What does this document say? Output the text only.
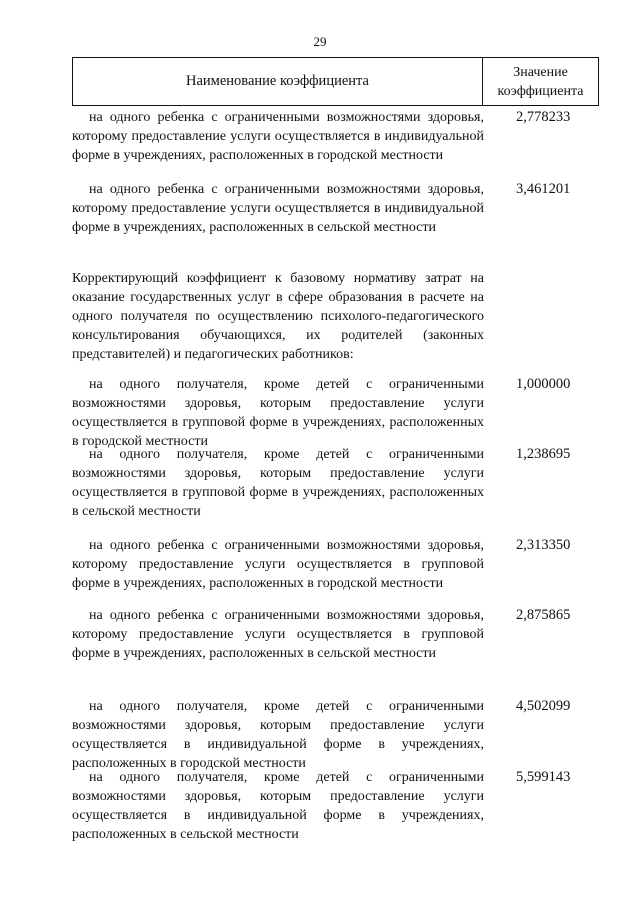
29
Наименование коэффициента
Значение
коэффициента
на одного ребенка с ограниченными возможностями здоровья, которому предоставление услуги осуществляется в индивидуальной форме в учреждениях, расположенных в городской местности
2,778233
на одного ребенка с ограниченными возможностями здоровья, которому предоставление услуги осуществляется в индивидуальной форме в учреждениях, расположенных в сельской местности
3,461201
Корректирующий коэффициент к базовому нормативу затрат на оказание государственных услуг в сфере образования в расчете на одного получателя по осуществлению психолого-педагогического консультирования обучающихся, их родителей (законных представителей) и педагогических работников:
на одного получателя, кроме детей с ограниченными возможностями здоровья, которым предоставление услуги осуществляется в групповой форме в учреждениях, расположенных в городской местности
1,000000
на одного получателя, кроме детей с ограниченными возможностями здоровья, которым предоставление услуги осуществляется в групповой форме в учреждениях, расположенных в сельской местности
1,238695
на одного ребенка с ограниченными возможностями здоровья, которому предоставление услуги осуществляется в групповой форме в учреждениях, расположенных в городской местности
2,313350
на одного ребенка с ограниченными возможностями здоровья, которому предоставление услуги осуществляется в групповой форме в учреждениях, расположенных в сельской местности
2,875865
на одного получателя, кроме детей с ограниченными возможностями здоровья, которым предоставление услуги осуществляется в индивидуальной форме в учреждениях, расположенных в городской местности
4,502099
на одного получателя, кроме детей с ограниченными возможностями здоровья, которым предоставление услуги осуществляется в индивидуальной форме в учреждениях, расположенных в сельской местности
5,599143
